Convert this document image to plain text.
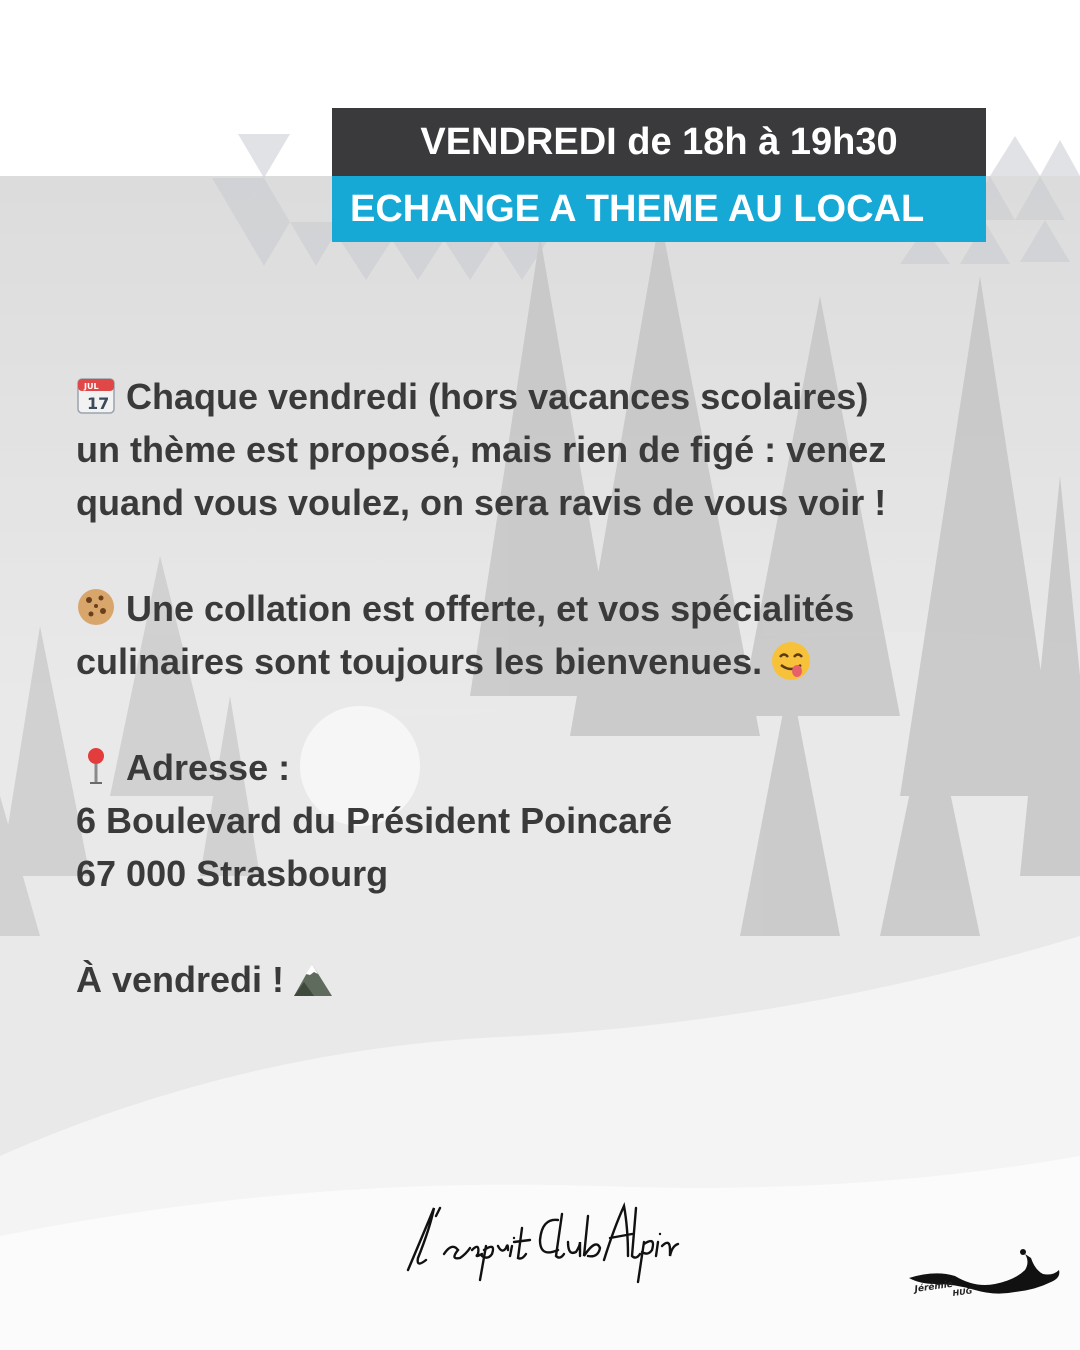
VENDREDI de 18h à 19h30
ECHANGE A THEME AU LOCAL
JUL
17 Chaque vendredi (hors vacances scolaires)
un thème est proposé, mais rien de figé : venez
quand vous voulez, on sera ravis de vous voir !
Une collation est offerte, et vos spécialités
culinaires sont toujours les bienvenues.
Adresse :
6 Boulevard du Président Poincaré
67 000 Strasbourg
À vendredi !
Jérémie
HUG
